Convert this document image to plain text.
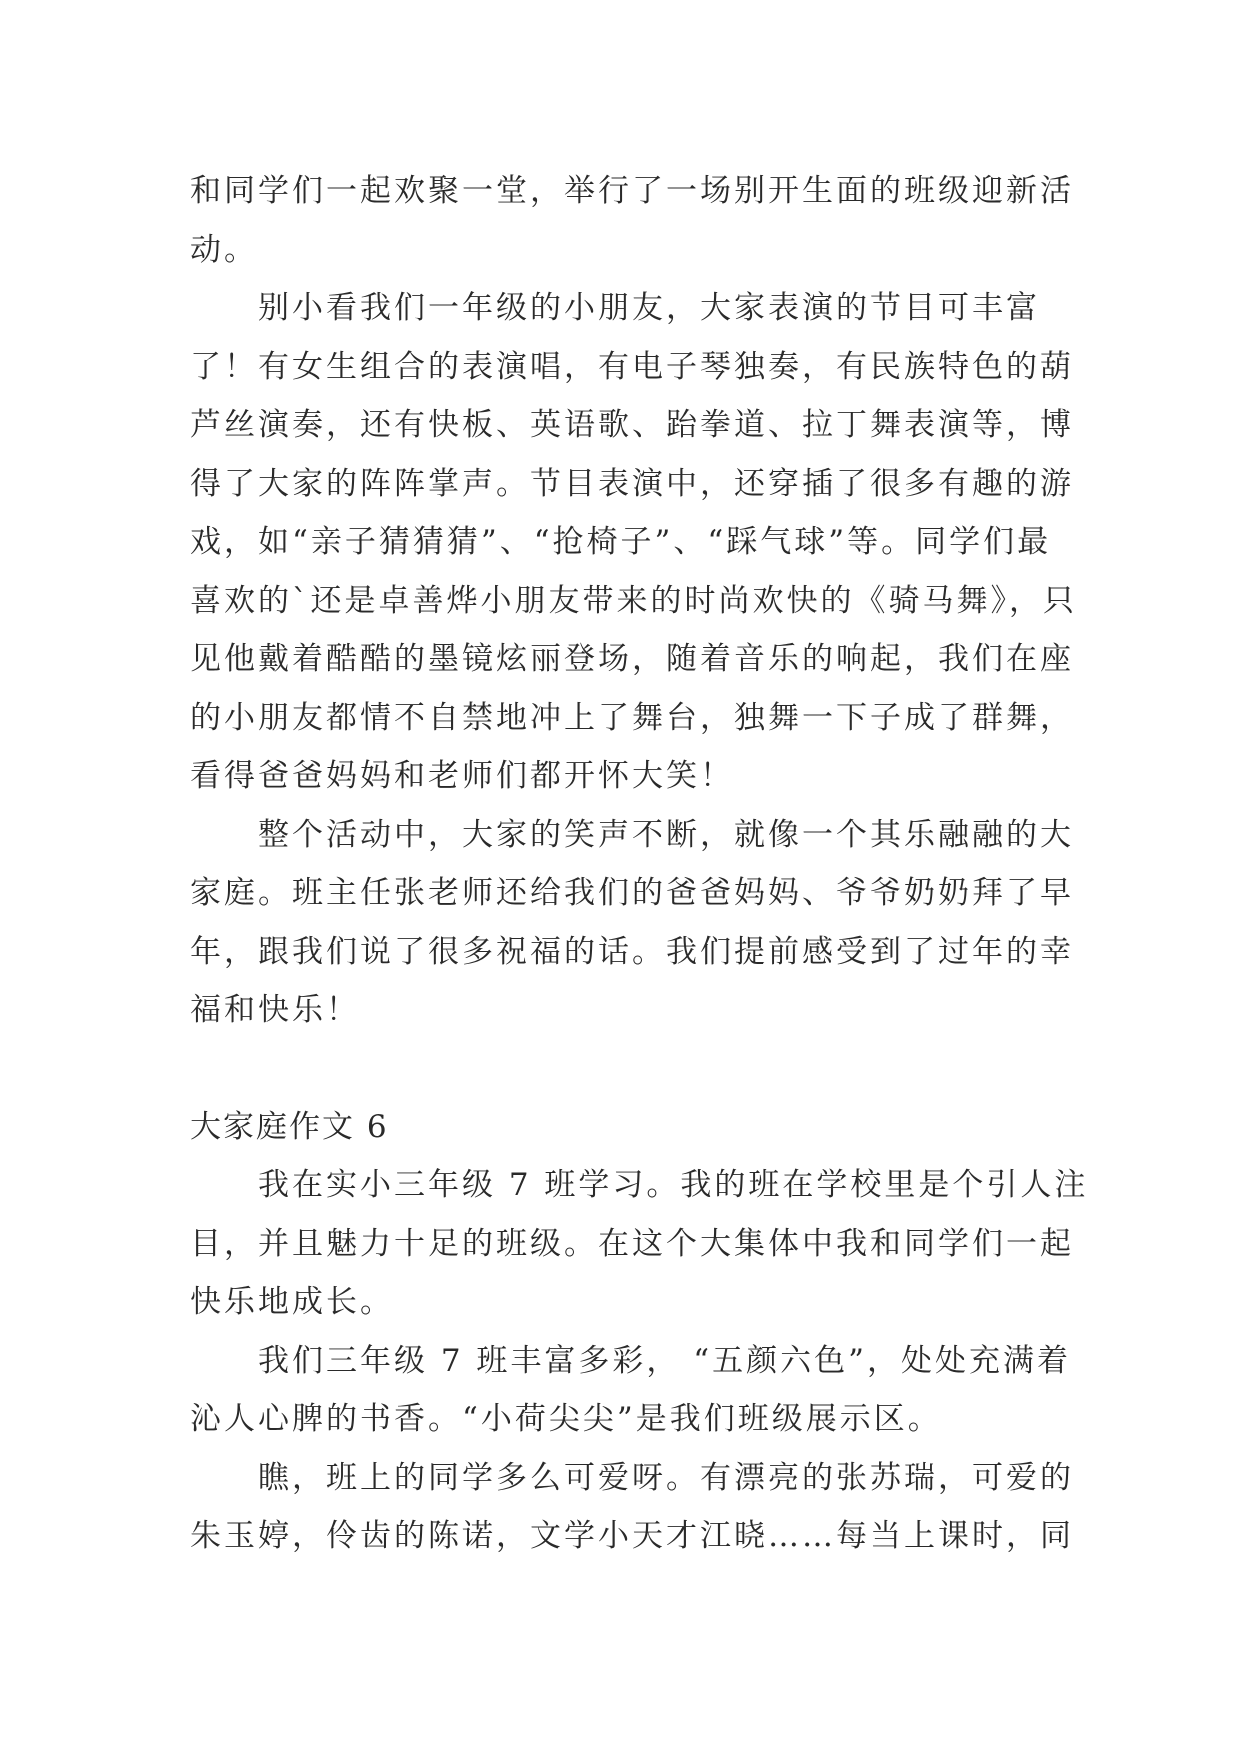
和同学们一起欢聚一堂，举行了一场别开生面的班级迎新活
动。

别小看我们一年级的小朋友，大家表演的节目可丰富
了！有女生组合的表演唱，有电子琴独奏，有民族特色的葫
芦丝演奏，还有快板、英语歌、跆拳道、拉丁舞表演等，博
得了大家的阵阵掌声。节目表演中，还穿插了很多有趣的游
戏，如“亲子猜猜猜”、“抢椅子”、“踩气球”等。同学们最
喜欢的`还是卓善烨小朋友带来的时尚欢快的《骑马舞》，只
见他戴着酷酷的墨镜炫丽登场，随着音乐的响起，我们在座
的小朋友都情不自禁地冲上了舞台，独舞一下子成了群舞，
看得爸爸妈妈和老师们都开怀大笑！

整个活动中，大家的笑声不断，就像一个其乐融融的大
家庭。班主任张老师还给我们的爸爸妈妈、爷爷奶奶拜了早
年，跟我们说了很多祝福的话。我们提前感受到了过年的幸
福和快乐！

大家庭作文 6

我在实小三年级 7 班学习。我的班在学校里是个引人注
目，并且魅力十足的班级。在这个大集体中我和同学们一起
快乐地成长。

我们三年级 7 班丰富多彩， “五颜六色”，处处充满着
沁人心脾的书香。“小荷尖尖”是我们班级展示区。

瞧，班上的同学多么可爱呀。有漂亮的张苏瑞，可爱的
朱玉婷，伶齿的陈诺，文学小天才江晓……每当上课时，同
